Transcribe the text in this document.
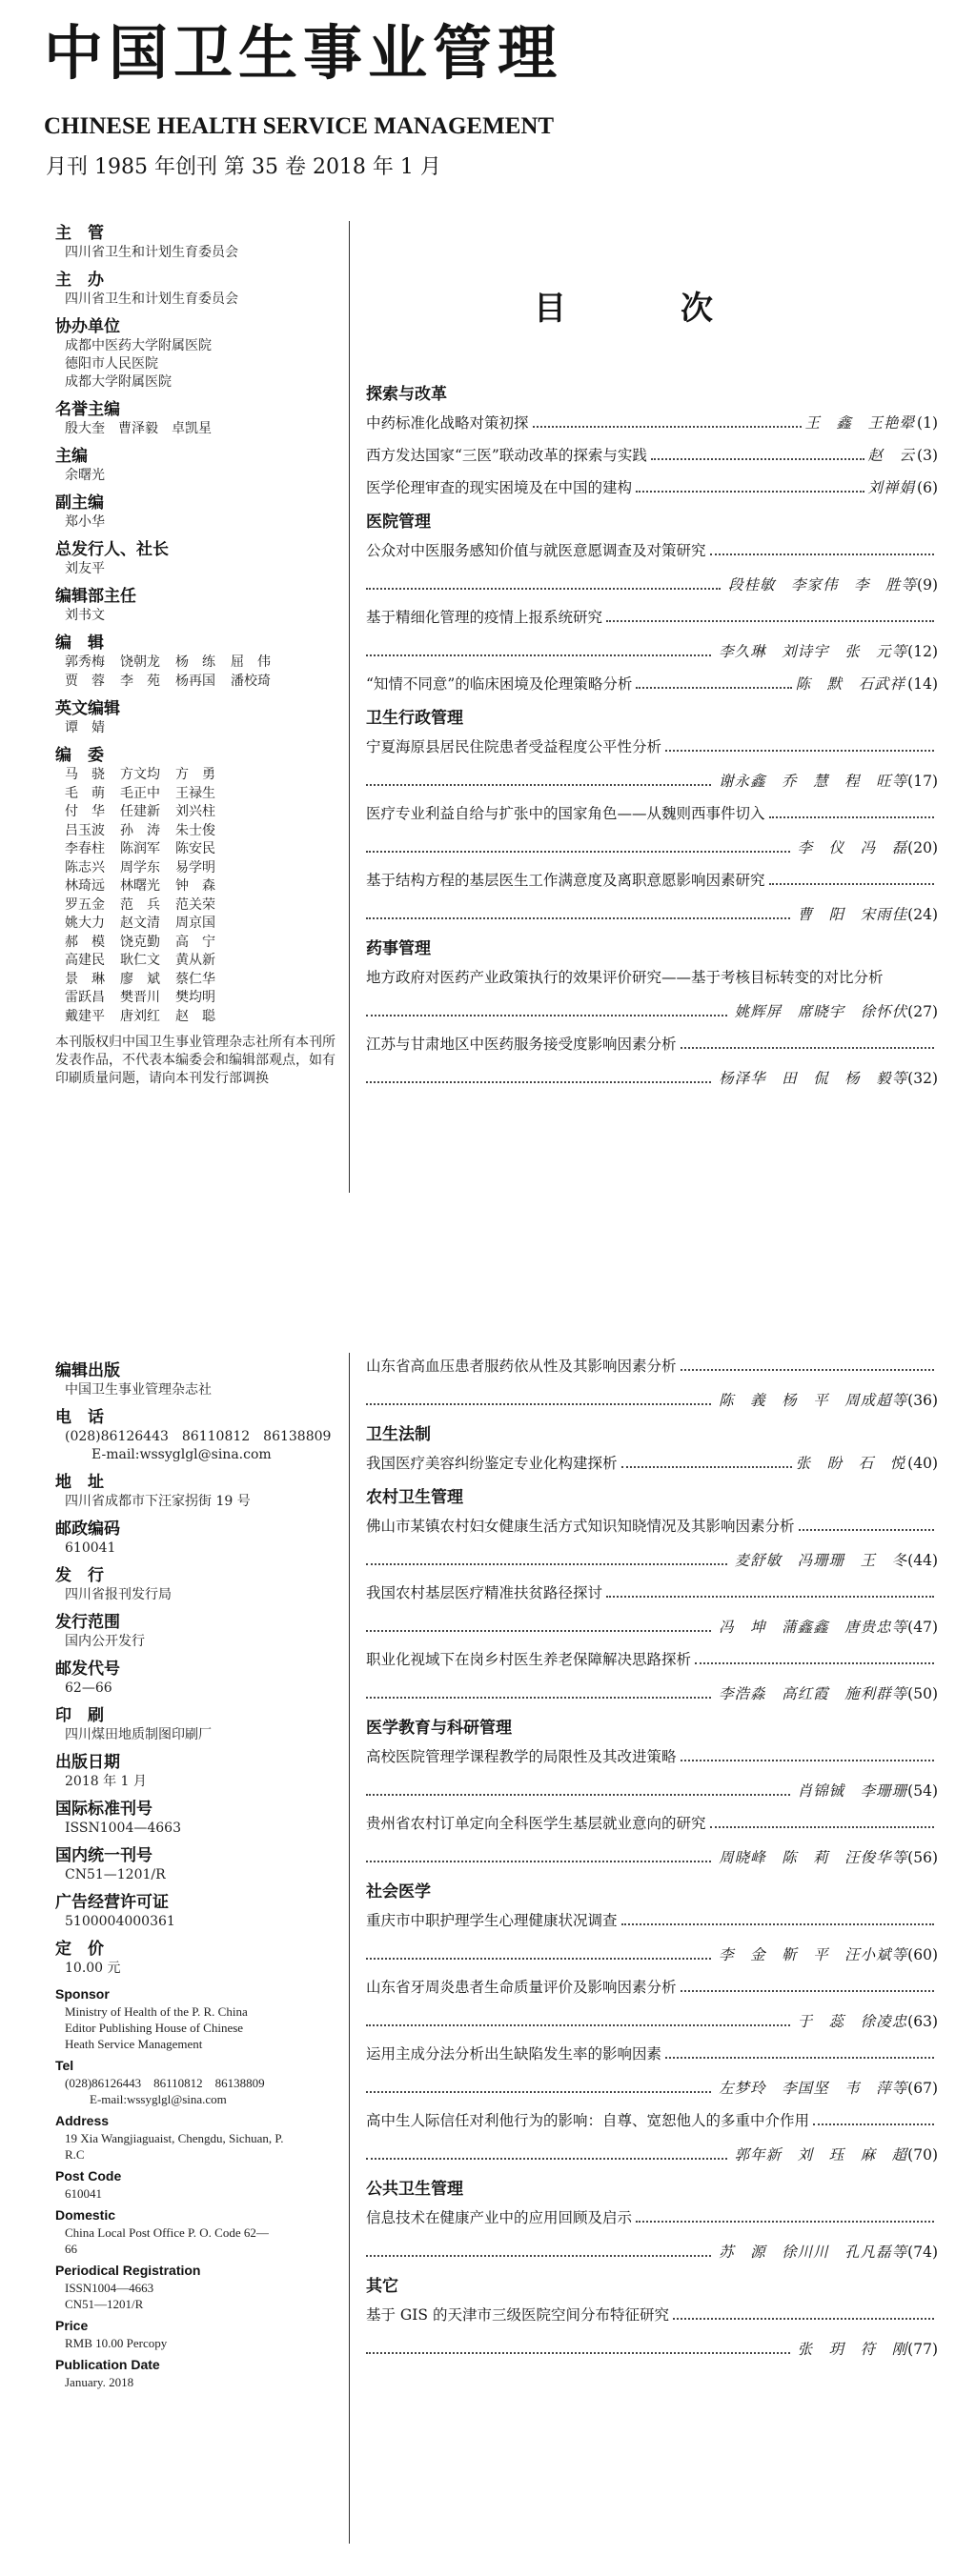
中国卫生事业管理
CHINESE HEALTH SERVICE MANAGEMENT
月刊 1985 年创刊 第 35 卷 2018 年 1 月
主　管
四川省卫生和计划生育委员会
主　办
四川省卫生和计划生育委员会
协办单位
成都中医药大学附属医院
德阳市人民医院
成都大学附属医院
名誉主编
殷大奎　曹泽毅　卓凯星
主编
余曙光
副主编
郑小华
总发行人、社长
刘友平
编辑部主任
刘书文
编　辑
郭秀梅	饶朝龙	杨　练	屈　伟
贾　蓉	李　苑	杨再国	潘校琦
英文编辑
谭　婧
编　委
马　骁	方文均	方　勇
毛　萌	毛正中	王禄生
付　华	任建新	刘兴柱
吕玉波	孙　涛	朱士俊
李春柱	陈润军	陈安民
陈志兴	周学东	易学明
林琦远	林曙光	钟　森
罗五金	范　兵	范关荣
姚大力	赵文清	周京国
郝　模	饶克勤	高　宁
高建民	耿仁文	黄从新
景　琳	廖　斌	蔡仁华
雷跃昌	樊晋川	樊均明
戴建平	唐刘红	赵　聪
本刊版权归中国卫生事业管理杂志社所有本刊所发表作品，不代表本编委会和编辑部观点，如有印刷质量问题，请向本刊发行部调换
编辑出版
中国卫生事业管理杂志社
电　话
(028)86126443　86110812　86138809
　　E-mail:wssyglgl@sina.com
地　址
四川省成都市下汪家拐街 19 号
邮政编码
610041
发　行
四川省报刊发行局
发行范围
国内公开发行
邮发代号
62—66
印　刷
四川煤田地质制图印刷厂
出版日期
2018 年 1 月
国际标准刊号
ISSN1004—4663
国内统一刊号
CN51—1201/R
广告经营许可证
5100004000361
定　价
10.00 元
Sponsor
Ministry of Health of the P. R. China
Editor Publishing House of Chinese
Heath Service Management
Tel
(028)86126443　86110812　86138809
　　E-mail:wssyglgl@sina.com
Address
19 Xia Wangjiaguaist, Chengdu, Sichuan, P.
R.C
Post Code
610041
Domestic
China Local Post Office P. O. Code 62—
66
Periodical Registration
ISSN1004—4663
CN51—1201/R
Price
RMB 10.00 Percopy
Publication Date
January. 2018
目次
探索与改革
中药标准化战略对策初探	王　鑫　王艳翚 (1)
西方发达国家“三医”联动改革的探索与实践	赵　云 (3)
医学伦理审查的现实困境及在中国的建构	刘禅娟 (6)
医院管理
公众对中医服务感知价值与就医意愿调查及对策研究
段桂敏　李家伟　李　胜等 (9)
基于精细化管理的疫情上报系统研究
李久琳　刘诗宇　张　元等 (12)
“知情不同意”的临床困境及伦理策略分析	陈　默　石武祥 (14)
卫生行政管理
宁夏海原县居民住院患者受益程度公平性分析
谢永鑫　乔　慧　程　旺等 (17)
医疗专业利益自给与扩张中的国家角色——从魏则西事件切入
李　仪　冯　磊 (20)
基于结构方程的基层医生工作满意度及离职意愿影响因素研究
曹　阳　宋雨佳 (24)
药事管理
地方政府对医药产业政策执行的效果评价研究——基于考核目标转变的对比分析
姚辉屏　席晓宇　徐怀伏 (27)
江苏与甘肃地区中医药服务接受度影响因素分析
杨泽华　田　侃　杨　毅等 (32)
山东省高血压患者服药依从性及其影响因素分析
陈　義　杨　平　周成超等 (36)
卫生法制
我国医疗美容纠纷鉴定专业化构建探析	张　盼　石　悦 (40)
农村卫生管理
佛山市某镇农村妇女健康生活方式知识知晓情况及其影响因素分析
麦舒敏　冯珊珊　王　冬 (44)
我国农村基层医疗精准扶贫路径探讨
冯　坤　蒲鑫鑫　唐贵忠等 (47)
职业化视域下在岗乡村医生养老保障解决思路探析
李浩淼　高红霞　施利群等 (50)
医学教育与科研管理
高校医院管理学课程教学的局限性及其改进策略
肖锦铖　李珊珊 (54)
贵州省农村订单定向全科医学生基层就业意向的研究
周晓峰　陈　莉　汪俊华等 (56)
社会医学
重庆市中职护理学生心理健康状况调查
李　金　靳　平　汪小斌等 (60)
山东省牙周炎患者生命质量评价及影响因素分析
于　蕊　徐凌忠 (63)
运用主成分法分析出生缺陷发生率的影响因素
左梦玲　李国坚　韦　萍等 (67)
高中生人际信任对利他行为的影响：自尊、宽恕他人的多重中介作用
郭年新　刘　珏　麻　超 (70)
公共卫生管理
信息技术在健康产业中的应用回顾及启示
苏　源　徐川川　孔凡磊等 (74)
其它
基于 GIS 的天津市三级医院空间分布特征研究
张　玥　符　刚 (77)
